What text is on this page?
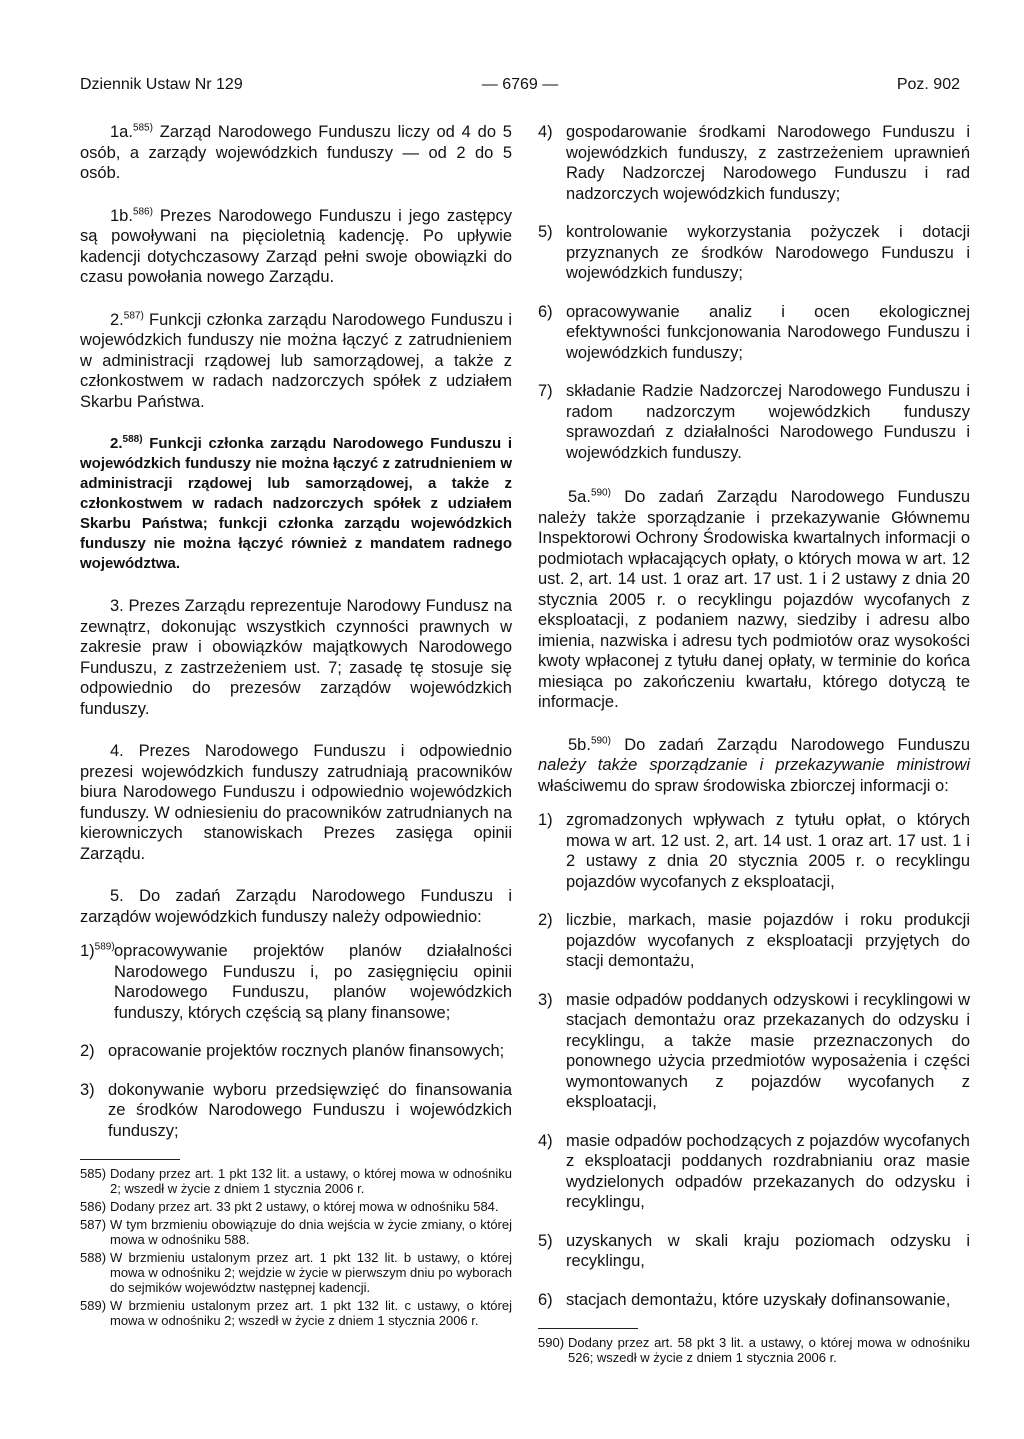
Dziennik Ustaw Nr 129	— 6769 —	Poz. 902

1a.$^{585)}$ Zarząd Narodowego Funduszu liczy od 4 do 5 osób, a zarządy wojewódzkich funduszy — od 2 do 5 osób.

1b.$^{586)}$ Prezes Narodowego Funduszu i jego zastępcy są powoływani na pięcioletnią kadencję. Po upływie kadencji dotychczasowy Zarząd pełni swoje obowiązki do czasu powołania nowego Zarządu.

2.$^{587)}$ Funkcji członka zarządu Narodowego Funduszu i wojewódzkich funduszy nie można łączyć z zatrudnieniem w administracji rządowej lub samorządowej, a także z członkostwem w radach nadzorczych spółek z udziałem Skarbu Państwa.

2.$^{588)}$ Funkcji członka zarządu Narodowego Funduszu i wojewódzkich funduszy nie można łączyć z zatrudnieniem w administracji rządowej lub samorządowej, a także z członkostwem w radach nadzorczych spółek z udziałem Skarbu Państwa; funkcji członka zarządu wojewódzkich funduszy nie można łączyć również z mandatem radnego województwa.

3. Prezes Zarządu reprezentuje Narodowy Fundusz na zewnątrz, dokonując wszystkich czynności prawnych w zakresie praw i obowiązków majątkowych Narodowego Funduszu, z zastrzeżeniem ust. 7; zasadę tę stosuje się odpowiednio do prezesów zarządów wojewódzkich funduszy.

4. Prezes Narodowego Funduszu i odpowiednio prezesi wojewódzkich funduszy zatrudniają pracowników biura Narodowego Funduszu i odpowiednio wojewódzkich funduszy. W odniesieniu do pracowników zatrudnianych na kierowniczych stanowiskach Prezes zasięga opinii Zarządu.

5. Do zadań Zarządu Narodowego Funduszu i zarządów wojewódzkich funduszy należy odpowiednio:

1)$^{589)}$ opracowywanie projektów planów działalności Narodowego Funduszu i, po zasięgnięciu opinii Narodowego Funduszu, planów wojewódzkich funduszy, których częścią są plany finansowe;
2) opracowanie projektów rocznych planów finansowych;
3) dokonywanie wyboru przedsięwzięć do finansowania ze środków Narodowego Funduszu i wojewódzkich funduszy;
585) Dodany przez art. 1 pkt 132 lit. a ustawy, o której mowa w odnośniku 2; wszedł w życie z dniem 1 stycznia 2006 r.
586) Dodany przez art. 33 pkt 2 ustawy, o której mowa w odnośniku 584.
587) W tym brzmieniu obowiązuje do dnia wejścia w życie zmiany, o której mowa w odnośniku 588.
588) W brzmieniu ustalonym przez art. 1 pkt 132 lit. b ustawy, o której mowa w odnośniku 2; wejdzie w życie w pierwszym dniu po wyborach do sejmików województw następnej kadencji.
589) W brzmieniu ustalonym przez art. 1 pkt 132 lit. c ustawy, o której mowa w odnośniku 2; wszedł w życie z dniem 1 stycznia 2006 r.
4) gospodarowanie środkami Narodowego Funduszu i wojewódzkich funduszy, z zastrzeżeniem uprawnień Rady Nadzorczej Narodowego Funduszu i rad nadzorczych wojewódzkich funduszy;
5) kontrolowanie wykorzystania pożyczek i dotacji przyznanych ze środków Narodowego Funduszu i wojewódzkich funduszy;
6) opracowywanie analiz i ocen ekologicznej efektywności funkcjonowania Narodowego Funduszu i wojewódzkich funduszy;
7) składanie Radzie Nadzorczej Narodowego Funduszu i radom nadzorczym wojewódzkich funduszy sprawozdań z działalności Narodowego Funduszu i wojewódzkich funduszy.

5a.$^{590)}$ Do zadań Zarządu Narodowego Funduszu należy także sporządzanie i przekazywanie Głównemu Inspektorowi Ochrony Środowiska kwartalnych informacji o podmiotach wpłacających opłaty, o których mowa w art. 12 ust. 2, art. 14 ust. 1 oraz art. 17 ust. 1 i 2 ustawy z dnia 20 stycznia 2005 r. o recyklingu pojazdów wycofanych z eksploatacji, z podaniem nazwy, siedziby i adresu albo imienia, nazwiska i adresu tych podmiotów oraz wysokości kwoty wpłaconej z tytułu danej opłaty, w terminie do końca miesiąca po zakończeniu kwartału, którego dotyczą te informacje.

5b.$^{590)}$ Do zadań Zarządu Narodowego Funduszu należy także sporządzanie i przekazywanie ministrowi właściwemu do spraw środowiska zbiorczej informacji o:

1) zgromadzonych wpływach z tytułu opłat, o których mowa w art. 12 ust. 2, art. 14 ust. 1 oraz art. 17 ust. 1 i 2 ustawy z dnia 20 stycznia 2005 r. o recyklingu pojazdów wycofanych z eksploatacji,
2) liczbie, markach, masie pojazdów i roku produkcji pojazdów wycofanych z eksploatacji przyjętych do stacji demontażu,
3) masie odpadów poddanych odzyskowi i recyklingowi w stacjach demontażu oraz przekazanych do odzysku i recyklingu, a także masie przeznaczonych do ponownego użycia przedmiotów wyposażenia i części wymontowanych z pojazdów wycofanych z eksploatacji,
4) masie odpadów pochodzących z pojazdów wycofanych z eksploatacji poddanych rozdrabnianiu oraz masie wydzielonych odpadów przekazanych do odzysku i recyklingu,
5) uzyskanych w skali kraju poziomach odzysku i recyklingu,
6) stacjach demontażu, które uzyskały dofinansowanie,
590) Dodany przez art. 58 pkt 3 lit. a ustawy, o której mowa w odnośniku 526; wszedł w życie z dniem 1 stycznia 2006 r.
